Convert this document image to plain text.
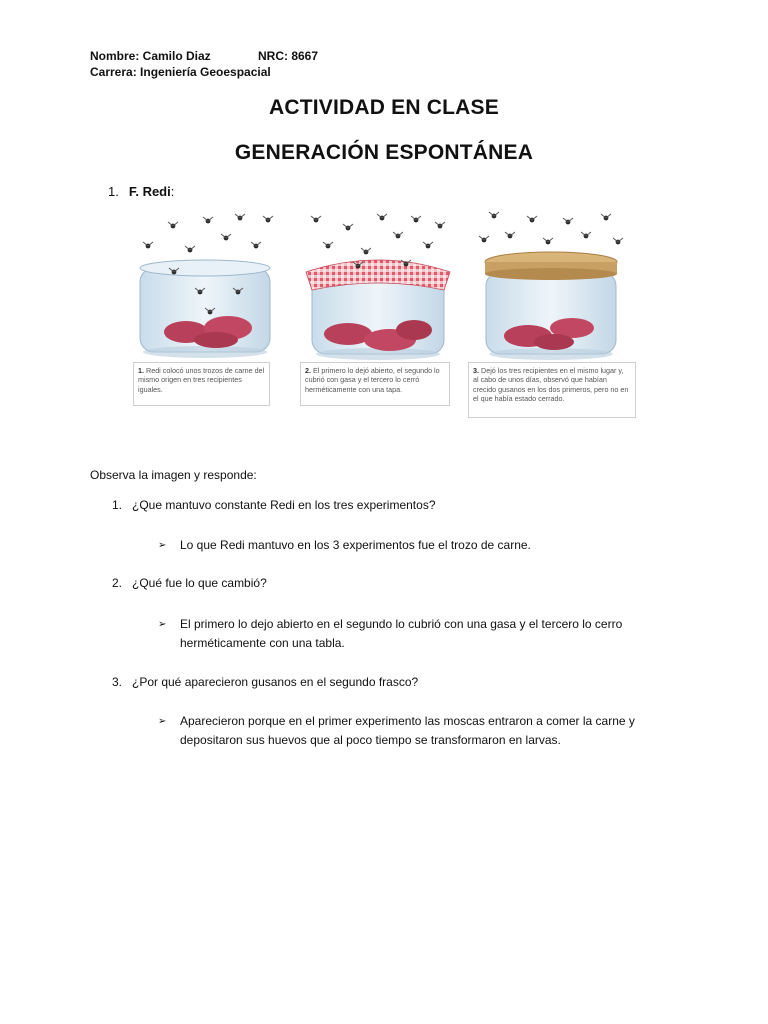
Nombre: Camilo Diaz	NRC: 8667
Carrera: Ingeniería Geoespacial
ACTIVIDAD EN CLASE
GENERACIÓN ESPONTÁNEA
1. F. Redi:
1. Redi colocó unos trozos de carne del mismo origen en tres recipientes iguales.
2. El primero lo dejó abierto, el segundo lo cubrió con gasa y el tercero lo cerró herméticamente con una tapa.
3. Dejó los tres recipientes en el mismo lugar y, al cabo de unos días, observó que habían crecido gusanos en los dos primeros, pero no en el que había estado cerrado.
Observa la imagen y responde:
1. ¿Que mantuvo constante Redi en los tres experimentos?
➢	Lo que Redi mantuvo en los 3 experimentos fue el trozo de carne.
2. ¿Qué fue lo que cambió?
➢	El primero lo dejo abierto en el segundo lo cubrió con una gasa y el tercero lo cerro herméticamente con una tabla.
3. ¿Por qué aparecieron gusanos en el segundo frasco?
➢	Aparecieron porque en el primer experimento las moscas entraron a comer la carne y depositaron sus huevos que al poco tiempo se transformaron en larvas.
